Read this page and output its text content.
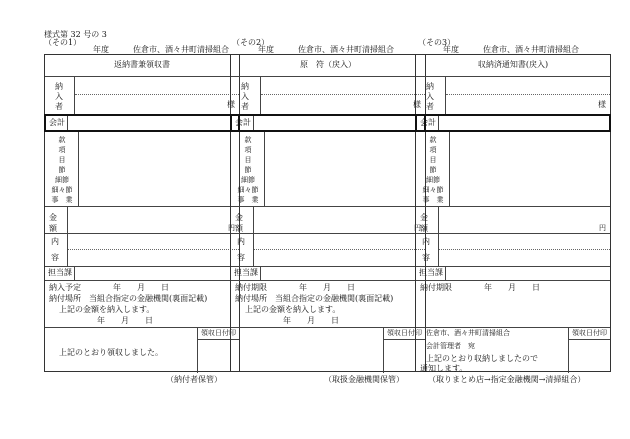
様式第 32 号の 3
（その1）
年度　　　佐倉市、酒々井町清掃組合
返納書兼領収書
納入者	様
会計
款
項
目
節
細節
細々節
事　業
金額	円
内
容
担当課
納入予定　　　　年　　月　　日
納付場所　当組合指定の金融機関(裏面記載)
上記の金額を納入します。
年　　月　　日
領収日付印
上記のとおり領収しました。
（納付者保管）
（その2）
年度　　　佐倉市、酒々井町清掃組合
原　符（戻入）
納入者	様
会計
款
項
目
節
細節
細々節
事　業
金額	円
内
容
担当課
納付期限　　　　年　　月　　日
納付場所　当組合指定の金融機関(裏面記載)
上記の金額を納入します。
年　　月　　日
領収日付印
（取扱金融機関保管）
（その3）
年度　　　佐倉市、酒々井町清掃組合
収納済通知書(戻入)
納入者	様
会計
款
項
目
節
細節
細々節
事　業
金額	円
内
容
担当課
納付期限　　　　年　　月　　日
佐倉市、酒々井町清掃組合
会計管理者　宛
上記のとおり収納しましたので
通知します。
領収日付印
（取りまとめ店→指定金融機関→清掃組合）
